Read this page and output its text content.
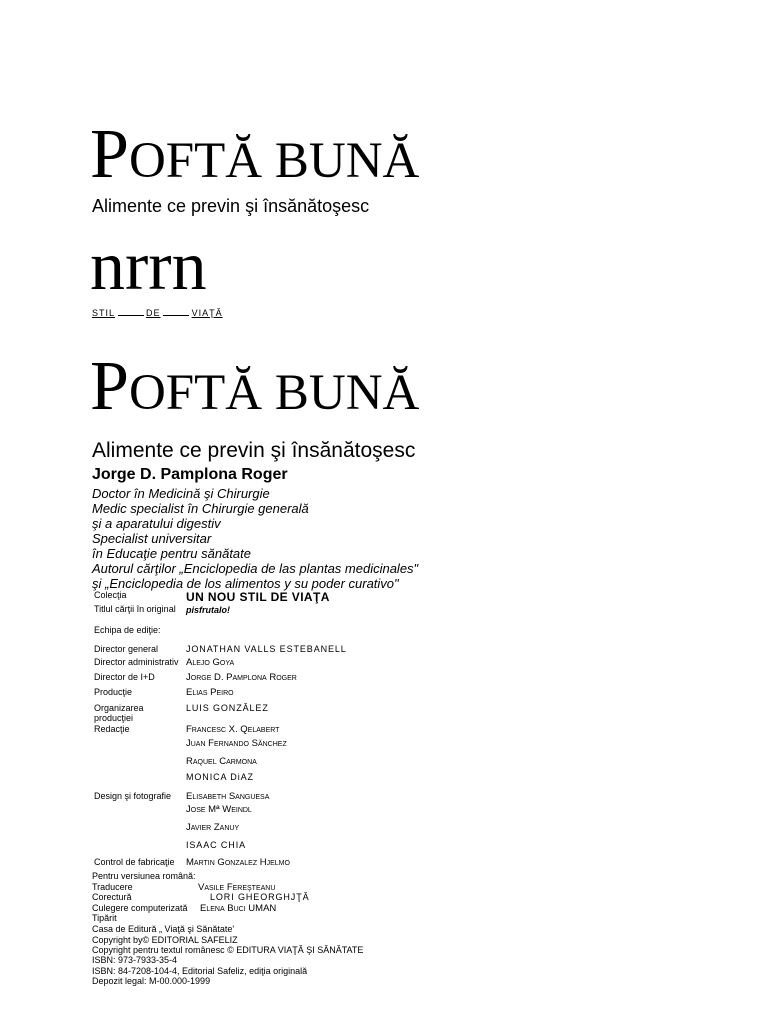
POFTĂ BUNĂ
Alimente ce previn şi însănătoşesc
nrrn
STIL	DE	VIAŢĂ
POFTĂ BUNĂ
Alimente ce previn şi însănătoşesc
Jorge D. Pamplona Roger
Doctor în Medicină şi Chirurgie
Medic specialist în Chirurgie generală
şi a aparatului digestiv
Specialist universitar
în Educaţie pentru sănătate
Autorul cărţilor „Enciclopedia de las plantas medicinales"
şi „Enciclopedia de los alimentos y su poder curativo"
Colecţia	UN NOU STIL DE VIAŢA
Titlul cărţii în original pisfrutalo!
Echipa de ediţie:
Director general	JONATHAN VALLS ESTEBANELL
Director administrativ Alejo Goya
Director de I+D	Jorge D. Pamplona Roger
Producţie	Elias Peiro
Organizarea producţiei
LUIS GONZĂLEZ
Redacţie	Francesc X. Qelabert
Juan Fernando Sănchez
Raquel Carmona
MONICA DiAZ
Design şi fotografie Elisabeth Sanguesa
Jose Mª Weindl
Javier Zanuy
ISAAC CHIA
Control de fabricaţie Martin Gonzalez Hjelmo
Pentru versiunea română:
Traducere	Vasile Fereşteanu
Corectură	LORI GHEORGHJŢĂ
Culegere computerizată Elena Buci UMAN
Tipărit
Casa de Editură „ Viaţă şi Sănătate'
Copyright by© EDITORIAL SAFELIZ
Copyright pentru textul românesc © EDITURA VIAŢĂ ŞI SĂNĂTATE
ISBN: 973-7933-35-4
ISBN: 84-7208-104-4, Editorial Safeliz, ediţia originală
Depozit legal: M-00.000-1999
